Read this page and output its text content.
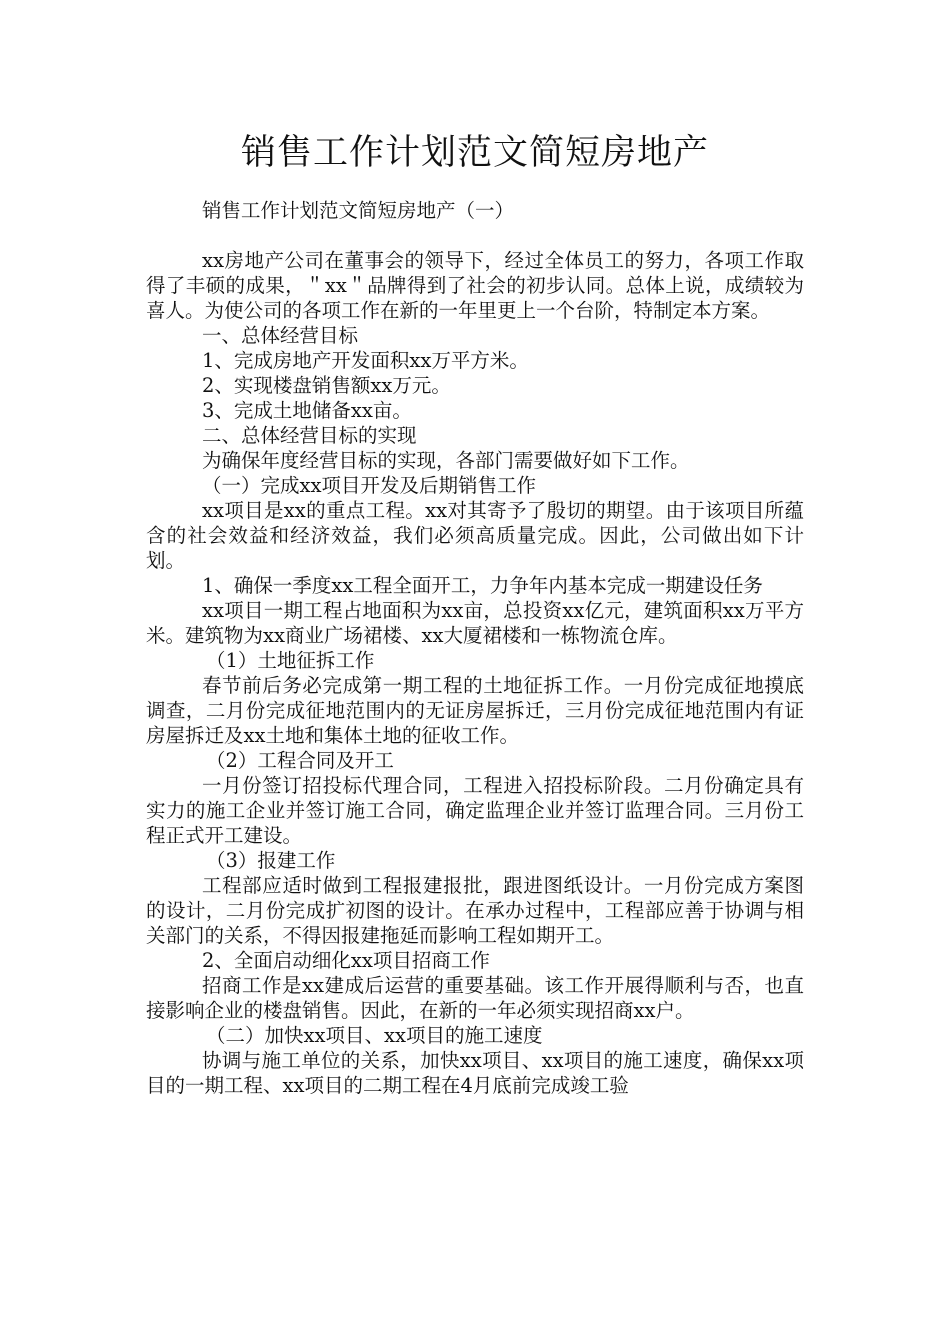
销售工作计划范文简短房地产
销售工作计划范文简短房地产（一）

xx房地产公司在董事会的领导下，经过全体员工的努力，各项工作取得了丰硕的成果，＂xx＂品牌得到了社会的初步认同。总体上说，成绩较为喜人。为使公司的各项工作在新的一年里更上一个台阶，特制定本方案。

一、总体经营目标

1、完成房地产开发面积xx万平方米。

2、实现楼盘销售额xx万元。

3、完成土地储备xx亩。

二、总体经营目标的实现

为确保年度经营目标的实现，各部门需要做好如下工作。

（一）完成xx项目开发及后期销售工作

xx项目是xx的重点工程。xx对其寄予了殷切的期望。由于该项目所蕴含的社会效益和经济效益，我们必须高质量完成。因此，公司做出如下计划。

1、确保一季度xx工程全面开工，力争年内基本完成一期建设任务

xx项目一期工程占地面积为xx亩，总投资xx亿元，建筑面积xx万平方米。建筑物为xx商业广场裙楼、xx大厦裙楼和一栋物流仓库。

（1）土地征拆工作

春节前后务必完成第一期工程的土地征拆工作。一月份完成征地摸底调查，二月份完成征地范围内的无证房屋拆迁，三月份完成征地范围内有证房屋拆迁及xx土地和集体土地的征收工作。

（2）工程合同及开工

一月份签订招投标代理合同，工程进入招投标阶段。二月份确定具有实力的施工企业并签订施工合同，确定监理企业并签订监理合同。三月份工程正式开工建设。

（3）报建工作

工程部应适时做到工程报建报批，跟进图纸设计。一月份完成方案图的设计，二月份完成扩初图的设计。在承办过程中，工程部应善于协调与相关部门的关系，不得因报建拖延而影响工程如期开工。

2、全面启动细化xx项目招商工作

招商工作是xx建成后运营的重要基础。该工作开展得顺利与否，也直接影响企业的楼盘销售。因此，在新的一年必须实现招商xx户。

（二）加快xx项目、xx项目的施工速度

协调与施工单位的关系，加快xx项目、xx项目的施工速度，确保xx项目的一期工程、xx项目的二期工程在4月底前完成竣工验
